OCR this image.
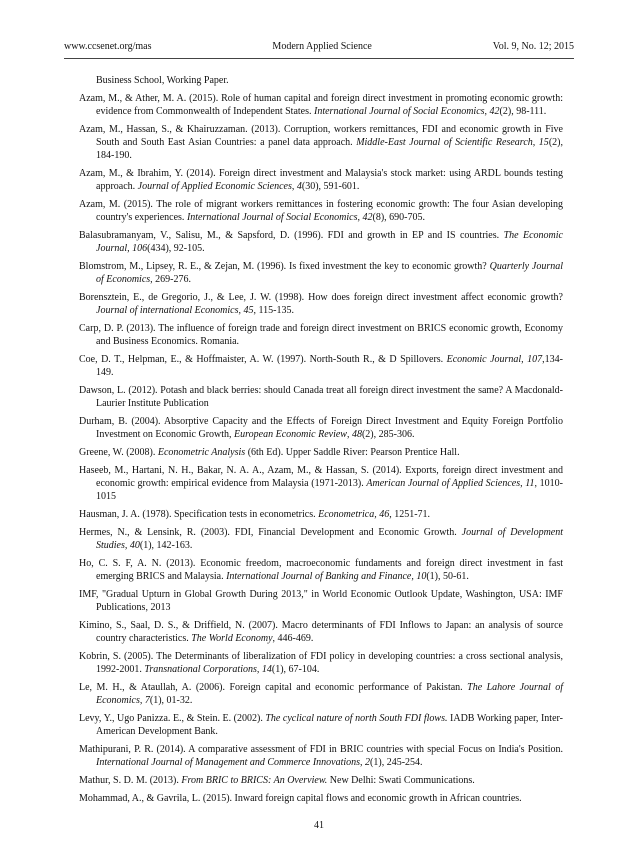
www.ccsenet.org/mas	Modern Applied Science	Vol. 9, No. 12; 2015

Business School, Working Paper.

Azam, M., & Ather, M. A. (2015). Role of human capital and foreign direct investment in promoting economic growth: evidence from Commonwealth of Independent States. International Journal of Social Economics, 42(2), 98-111.

Azam, M., Hassan, S., & Khairuzzaman. (2013). Corruption, workers remittances, FDI and economic growth in Five South and South East Asian Countries: a panel data approach. Middle-East Journal of Scientific Research, 15(2), 184-190.

Azam, M., & Ibrahim, Y. (2014). Foreign direct investment and Malaysia's stock market: using ARDL bounds testing approach. Journal of Applied Economic Sciences, 4(30), 591-601.

Azam, M. (2015). The role of migrant workers remittances in fostering economic growth: The four Asian developing country's experiences. International Journal of Social Economics, 42(8), 690-705.

Balasubramanyam, V., Salisu, M., & Sapsford, D. (1996). FDI and growth in EP and IS countries. The Economic Journal, 106(434), 92-105.

Blomstrom, M., Lipsey, R. E., & Zejan, M. (1996). Is fixed investment the key to economic growth? Quarterly Journal of Economics, 269-276.

Borensztein, E., de Gregorio, J., & Lee, J. W. (1998). How does foreign direct investment affect economic growth? Journal of international Economics, 45, 115-135.

Carp, D. P. (2013). The influence of foreign trade and foreign direct investment on BRICS economic growth, Economy and Business Economics. Romania.

Coe, D. T., Helpman, E., & Hoffmaister, A. W. (1997). North-South R., & D Spillovers. Economic Journal, 107,134-149.

Dawson, L. (2012). Potash and black berries: should Canada treat all foreign direct investment the same? A Macdonald-Laurier Institute Publication

Durham, B. (2004). Absorptive Capacity and the Effects of Foreign Direct Investment and Equity Foreign Portfolio Investment on Economic Growth, European Economic Review, 48(2), 285-306.

Greene, W. (2008). Econometric Analysis (6th Ed). Upper Saddle River: Pearson Prentice Hall.

Haseeb, M., Hartani, N. H., Bakar, N. A. A., Azam, M., & Hassan, S. (2014). Exports, foreign direct investment and economic growth: empirical evidence from Malaysia (1971-2013). American Journal of Applied Sciences, 11, 1010-1015

Hausman, J. A. (1978). Specification tests in econometrics. Econometrica, 46, 1251-71.

Hermes, N., & Lensink, R. (2003). FDI, Financial Development and Economic Growth. Journal of Development Studies, 40(1), 142-163.

Ho, C. S. F, A. N. (2013). Economic freedom, macroeconomic fundaments and foreign direct investment in fast emerging BRICS and Malaysia. International Journal of Banking and Finance, 10(1), 50-61.

IMF, "Gradual Upturn in Global Growth During 2013," in World Economic Outlook Update, Washington, USA: IMF Publications, 2013

Kimino, S., Saal, D. S., & Driffield, N. (2007). Macro determinants of FDI Inflows to Japan: an analysis of source country characteristics. The World Economy, 446-469.

Kobrin, S. (2005). The Determinants of liberalization of FDI policy in developing countries: a cross sectional analysis, 1992-2001. Transnational Corporations, 14(1), 67-104.

Le, M. H., & Ataullah, A. (2006). Foreign capital and economic performance of Pakistan. The Lahore Journal of Economics, 7(1), 01-32.

Levy, Y., Ugo Panizza. E., & Stein. E. (2002). The cyclical nature of north South FDI flows. IADB Working paper, Inter- American Development Bank.

Mathipurani, P. R. (2014). A comparative assessment of FDI in BRIC countries with special Focus on India's Position. International Journal of Management and Commerce Innovations, 2(1), 245-254.

Mathur, S. D. M. (2013). From BRIC to BRICS: An Overview. New Delhi: Swati Communications.

Mohammad, A., & Gavrila, L. (2015). Inward foreign capital flows and economic growth in African countries.

41
